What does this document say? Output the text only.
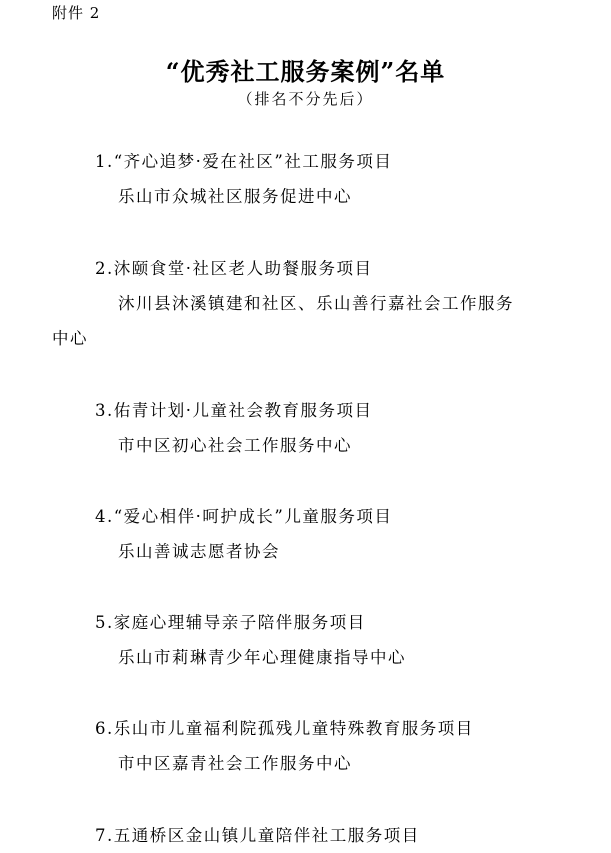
附件 2
“优秀社工服务案例”名单
（排名不分先后）
1.“齐心追梦·爱在社区”社工服务项目
乐山市众城社区服务促进中心
2.沐颐食堂·社区老人助餐服务项目
沐川县沐溪镇建和社区、乐山善行嘉社会工作服务
中心
3.佑青计划·儿童社会教育服务项目
市中区初心社会工作服务中心
4.“爱心相伴·呵护成长”儿童服务项目
乐山善诚志愿者协会
5.家庭心理辅导亲子陪伴服务项目
乐山市莉琳青少年心理健康指导中心
6.乐山市儿童福利院孤残儿童特殊教育服务项目
市中区嘉青社会工作服务中心
7.五通桥区金山镇儿童陪伴社工服务项目
